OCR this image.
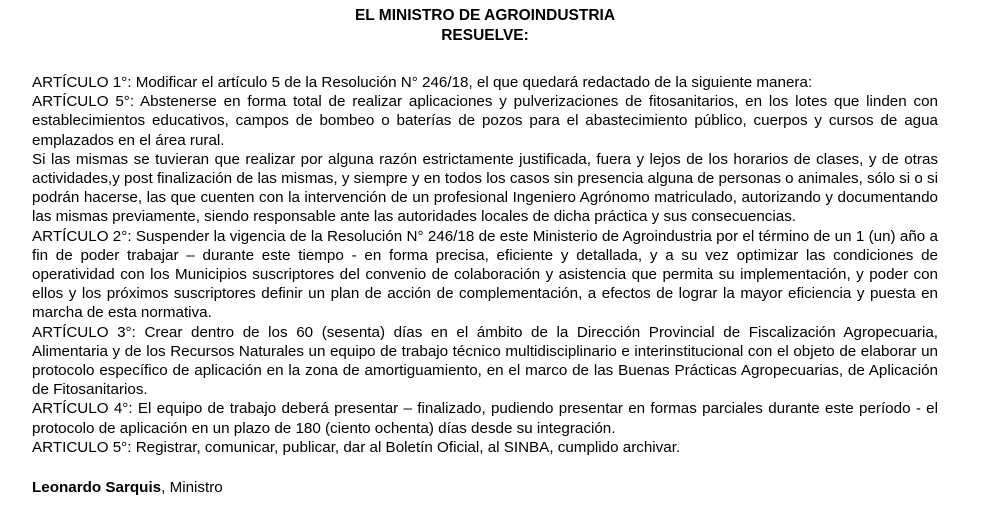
EL MINISTRO DE AGROINDUSTRIA
RESUELVE:

ARTÍCULO 1°: Modificar el artículo 5 de la Resolución N° 246/18, el que quedará redactado de la siguiente manera:

ARTÍCULO 5°: Abstenerse en forma total de realizar aplicaciones y pulverizaciones de fitosanitarios, en los lotes que linden con establecimientos educativos, campos de bombeo o baterías de pozos para el abastecimiento público, cuerpos y cursos de agua emplazados en el área rural.

Si las mismas se tuvieran que realizar por alguna razón estrictamente justificada, fuera y lejos de los horarios de clases, y de otras actividades,y post finalización de las mismas, y siempre y en todos los casos sin presencia alguna de personas o animales, sólo si o si podrán hacerse, las que cuenten con la intervención de un profesional Ingeniero Agrónomo matriculado, autorizando y documentando las mismas previamente, siendo responsable ante las autoridades locales de dicha práctica y sus consecuencias.

ARTÍCULO 2°: Suspender la vigencia de la Resolución N° 246/18 de este Ministerio de Agroindustria por el término de un 1 (un) año a fin de poder trabajar – durante este tiempo - en forma precisa, eficiente y detallada, y a su vez optimizar las condiciones de operatividad con los Municipios suscriptores del convenio de colaboración y asistencia que permita su implementación, y poder con ellos y los próximos suscriptores definir un plan de acción de complementación, a efectos de lograr la mayor eficiencia y puesta en marcha de esta normativa.

ARTÍCULO 3°: Crear dentro de los 60 (sesenta) días en el ámbito de la Dirección Provincial de Fiscalización Agropecuaria, Alimentaria y de los Recursos Naturales un equipo de trabajo técnico multidisciplinario e interinstitucional con el objeto de elaborar un protocolo específico de aplicación en la zona de amortiguamiento, en el marco de las Buenas Prácticas Agropecuarias, de Aplicación de Fitosanitarios.

ARTÍCULO 4°: El equipo de trabajo deberá presentar – finalizado, pudiendo presentar en formas parciales durante este período - el protocolo de aplicación en un plazo de 180 (ciento ochenta) días desde su integración.

ARTICULO 5°: Registrar, comunicar, publicar, dar al Boletín Oficial, al SINBA, cumplido archivar.

Leonardo Sarquis, Ministro
